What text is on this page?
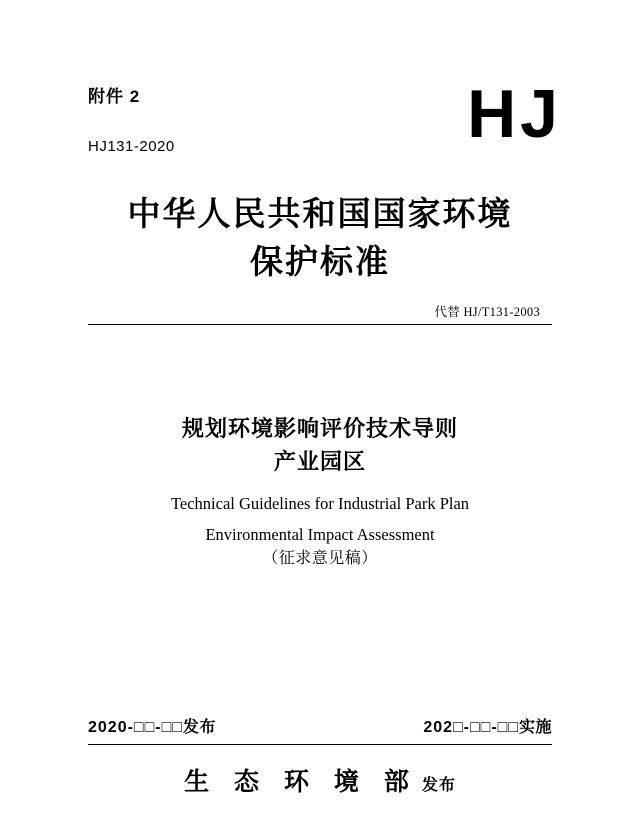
附件 2
HJ131-2020	HJ
中华人民共和国国家环境
保护标准
代替 HJ/T131-2003
规划环境影响评价技术导则
产业园区
Technical Guidelines for Industrial Park Plan
Environmental Impact Assessment
（征求意见稿）
2020-□□-□□发布	202□-□□-□□实施
生 态 环 境 部 发布
